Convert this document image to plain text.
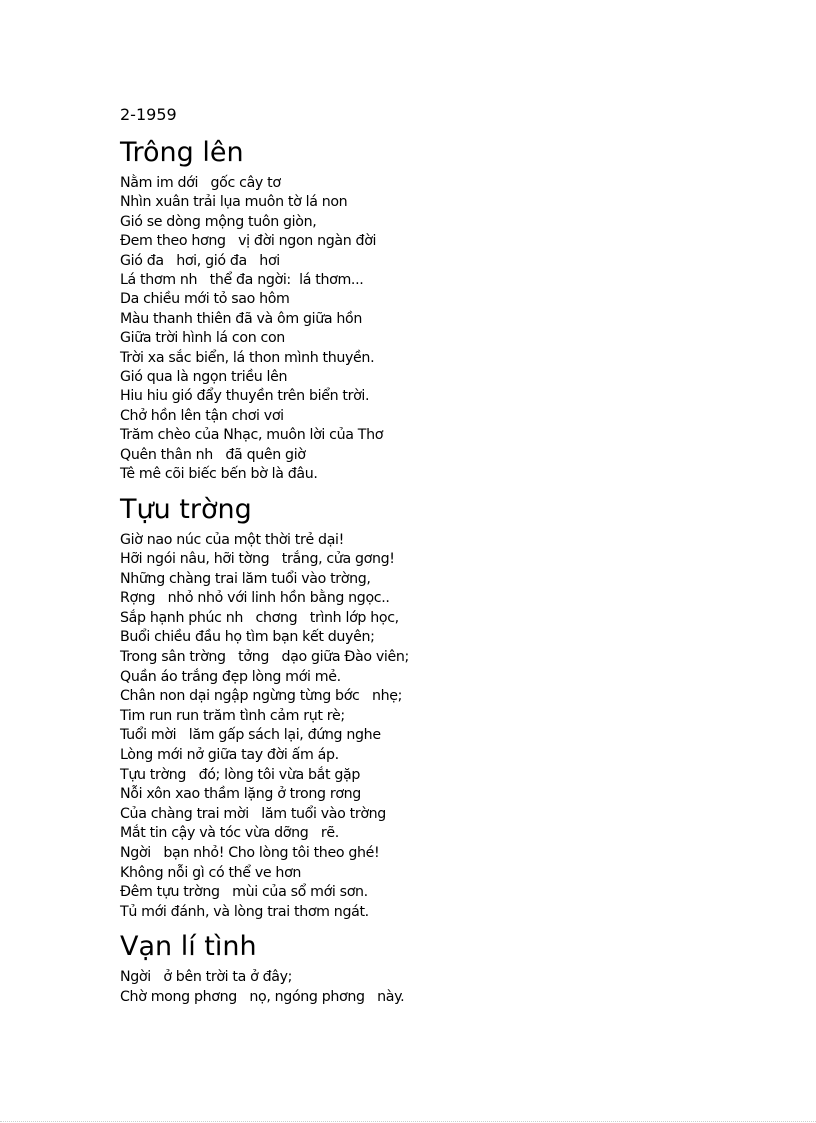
2-1959
Trông lên
Nằm im dới   gốc cây tơ
Nhìn xuân trải lụa muôn tờ lá non
Gió se dòng mộng tuôn giòn,
Đem theo hơng   vị đời ngon ngàn đời
Gió đa   hơi, gió đa   hơi
Lá thơm nh   thể đa ngời:  lá thơm...
Da chiều mới tỏ sao hôm
Màu thanh thiên đã và ôm giữa hồn
Giữa trời hình lá con con
Trời xa sắc biển, lá thon mình thuyền.
Gió qua là ngọn triều lên
Hiu hiu gió đẩy thuyền trên biển trời.
Chở hồn lên tận chơi vơi
Trăm chèo của Nhạc, muôn lời của Thơ
Quên thân nh   đã quên giờ
Tê mê cõi biếc bến bờ là đâu.
Tựu trờng
Giờ nao núc của một thời trẻ dại!
Hỡi ngói nâu, hỡi tờng   trắng, cửa gơng!
Những chàng trai lăm tuổi vào trờng,
Rợng   nhỏ nhỏ với linh hồn bằng ngọc..
Sắp hạnh phúc nh   chơng   trình lớp học,
Buổi chiều đầu họ tìm bạn kết duyên;
Trong sân trờng   tởng   dạo giữa Đào viên;
Quần áo trắng đẹp lòng mới mẻ.
Chân non dại ngập ngừng từng bớc   nhẹ;
Tim run run trăm tình cảm rụt rè;
Tuổi mời   lăm gấp sách lại, đứng nghe
Lòng mới nở giữa tay đời ấm áp.
Tựu trờng   đó; lòng tôi vừa bắt gặp
Nỗi xôn xao thầm lặng ở trong rơng
Của chàng trai mời   lăm tuổi vào trờng
Mắt tin cậy và tóc vừa dỡng   rẽ.
Ngời   bạn nhỏ! Cho lòng tôi theo ghé!
Không nỗi gì có thể ve hơn
Đêm tựu trờng   mùi của sổ mới sơn.
Tủ mới đánh, và lòng trai thơm ngát.
Vạn lí tình
Ngời   ở bên trời ta ở đây;
Chờ mong phơng   nọ, ngóng phơng   này.
